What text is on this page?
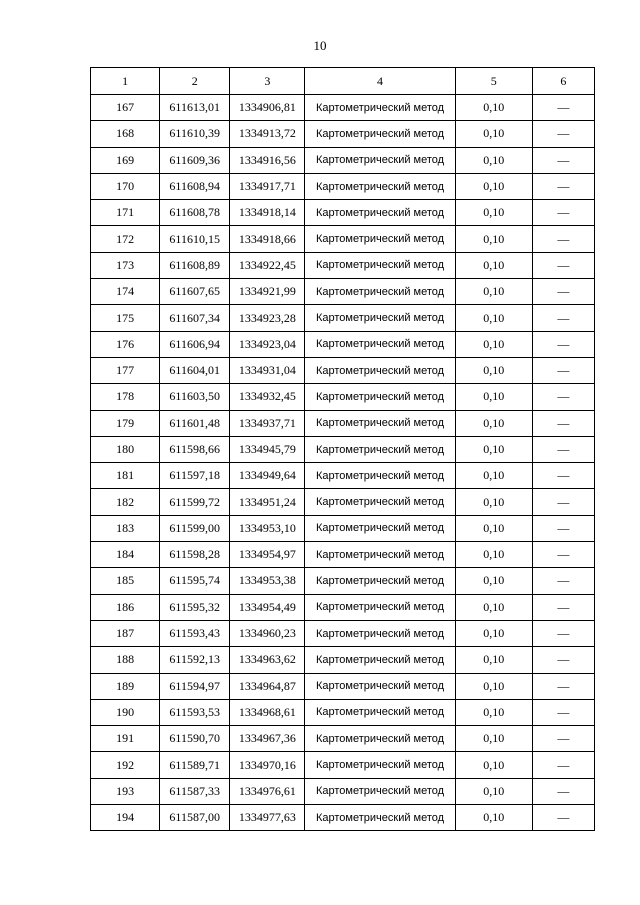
10
1	2	3	4	5	6
167	611613,01	1334906,81	Картометрический метод	0,10	—
168	611610,39	1334913,72	Картометрический метод	0,10	—
169	611609,36	1334916,56	Картометрический метод	0,10	—
170	611608,94	1334917,71	Картометрический метод	0,10	—
171	611608,78	1334918,14	Картометрический метод	0,10	—
172	611610,15	1334918,66	Картометрический метод	0,10	—
173	611608,89	1334922,45	Картометрический метод	0,10	—
174	611607,65	1334921,99	Картометрический метод	0,10	—
175	611607,34	1334923,28	Картометрический метод	0,10	—
176	611606,94	1334923,04	Картометрический метод	0,10	—
177	611604,01	1334931,04	Картометрический метод	0,10	—
178	611603,50	1334932,45	Картометрический метод	0,10	—
179	611601,48	1334937,71	Картометрический метод	0,10	—
180	611598,66	1334945,79	Картометрический метод	0,10	—
181	611597,18	1334949,64	Картометрический метод	0,10	—
182	611599,72	1334951,24	Картометрический метод	0,10	—
183	611599,00	1334953,10	Картометрический метод	0,10	—
184	611598,28	1334954,97	Картометрический метод	0,10	—
185	611595,74	1334953,38	Картометрический метод	0,10	—
186	611595,32	1334954,49	Картометрический метод	0,10	—
187	611593,43	1334960,23	Картометрический метод	0,10	—
188	611592,13	1334963,62	Картометрический метод	0,10	—
189	611594,97	1334964,87	Картометрический метод	0,10	—
190	611593,53	1334968,61	Картометрический метод	0,10	—
191	611590,70	1334967,36	Картометрический метод	0,10	—
192	611589,71	1334970,16	Картометрический метод	0,10	—
193	611587,33	1334976,61	Картометрический метод	0,10	—
194	611587,00	1334977,63	Картометрический метод	0,10	—
